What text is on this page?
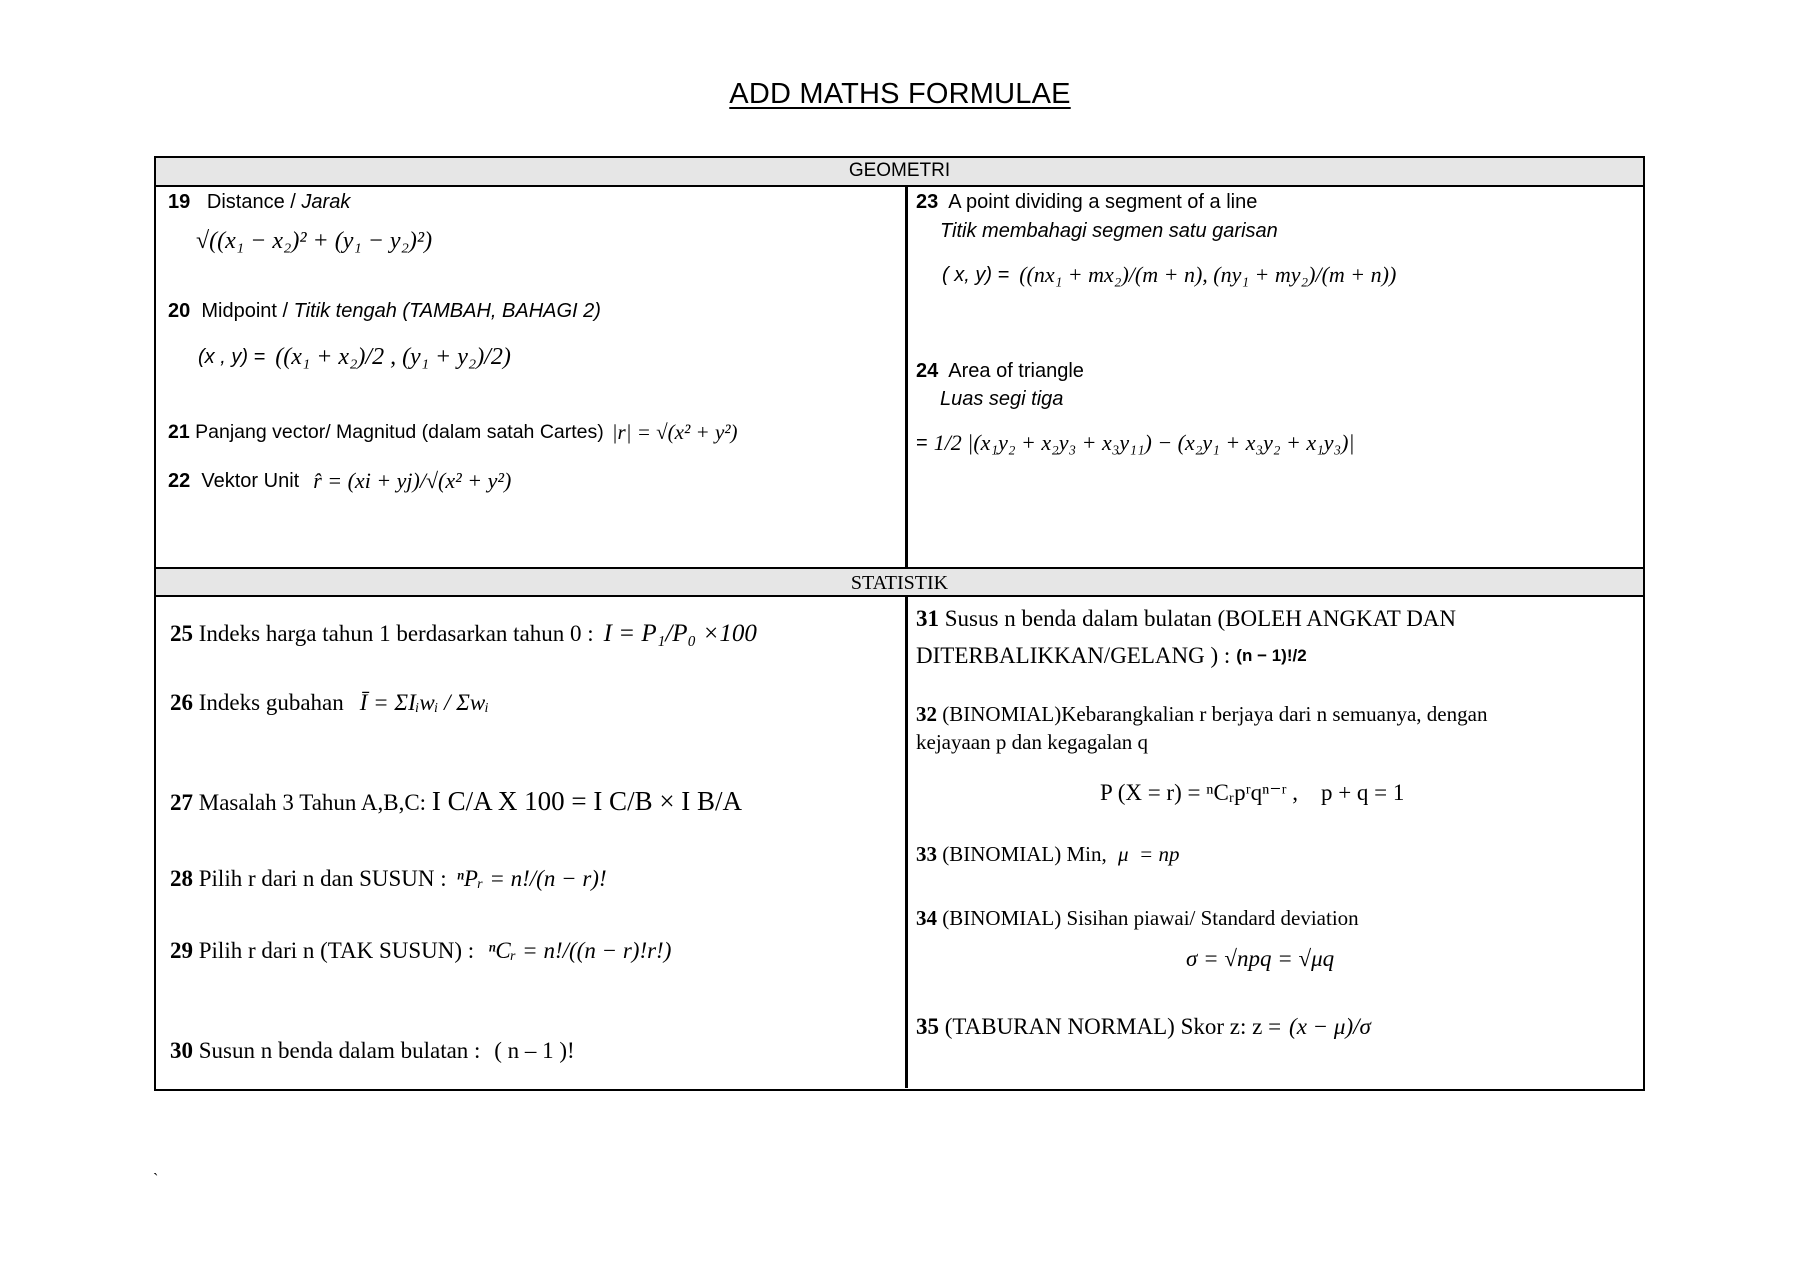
ADD MATHS FORMULAE
GEOMETRI
19 Distance / Jarak
√((x₁ − x₂)² + (y₁ − y₂)²)
20 Midpoint / Titik tengah (TAMBAH, BAHAGI 2)
(x , y) = ((x₁ + x₂)/2 , (y₁ + y₂)/2)
21 Panjang vector/ Magnitud (dalam satah Cartes) |r| = √(x² + y²)
22 Vektor Unit r̂ = (xi + yj)/√(x² + y²)
23 A point dividing a segment of a line
Titik membahagi segmen satu garisan
( x, y) = ((nx₁ + mx₂)/(m + n), (ny₁ + my₂)/(m + n))
24 Area of triangle
Luas segi tiga
= 1/2 |(x₁y₂ + x₂y₃ + x₃y₁₁) − (x₂y₁ + x₃y₂ + x₁y₃)|
STATISTIK
25 Indeks harga tahun 1 berdasarkan tahun 0 : I = P₁/P₀ ×100
26 Indeks gubahan Ī = ΣIᵢwᵢ / Σwᵢ
27 Masalah 3 Tahun A,B,C: I C/A X 100 = I C/B × I B/A
28 Pilih r dari n dan SUSUN : ⁿPᵣ = n!/(n − r)!
29 Pilih r dari n (TAK SUSUN) : ⁿCᵣ = n!/((n − r)!r!)
30 Susun n benda dalam bulatan : ( n – 1 )!
31 Susus n benda dalam bulatan (BOLEH ANGKAT DAN
DITERBALIKKAN/GELANG ) : (n − 1)!/2
32 (BINOMIAL)Kebarangkalian r berjaya dari n semuanya, dengan
kejayaan p dan kegagalan q
P (X = r) = ⁿCᵣpʳqⁿ⁻ʳ ,    p + q = 1
33 (BINOMIAL) Min, μ  = np
34 (BINOMIAL) Sisihan piawai/ Standard deviation
σ = √npq = √μq
35 (TABURAN NORMAL) Skor z: z = (x − μ)/σ
`
